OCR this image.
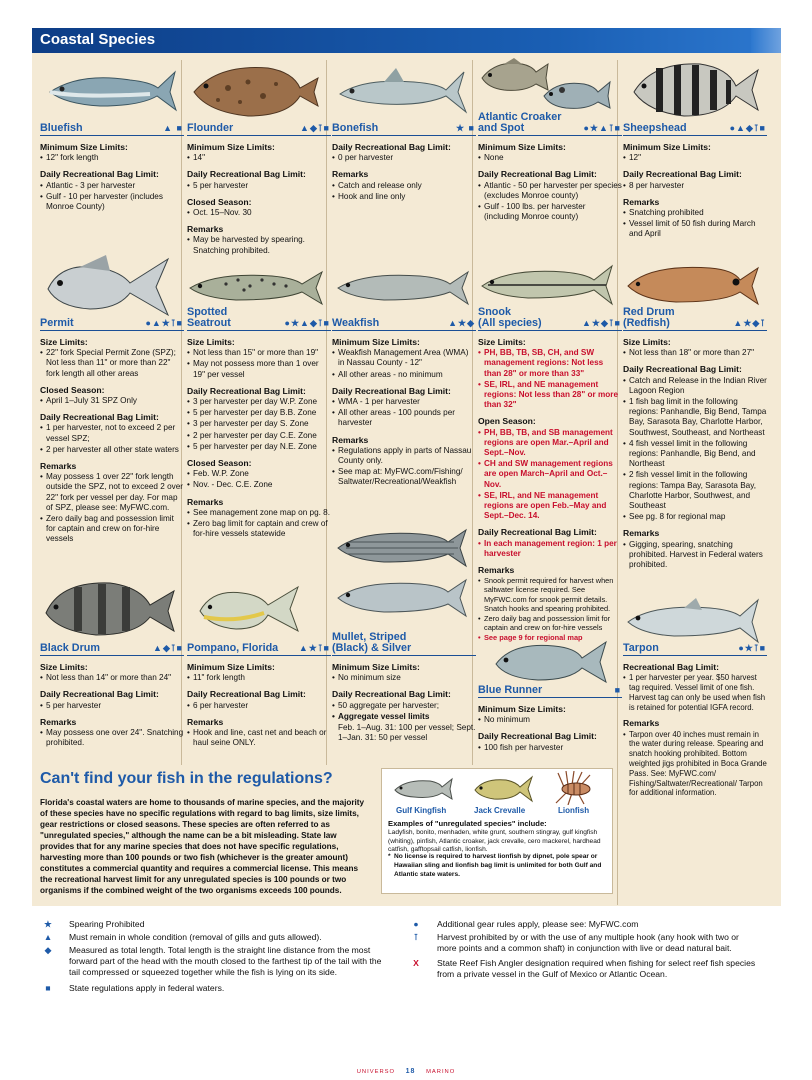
Coastal Species
Bluefish	▲ ■
Minimum Size Limits:
• 12" fork length
Daily Recreational Bag Limit:
• Atlantic - 3 per harvester
• Gulf - 10 per harvester (includes Monroe County)
Flounder	▲◆⊺■
Minimum Size Limits:
• 14"
Daily Recreational Bag Limit:
• 5 per harvester
Closed Season:
• Oct. 15–Nov. 30
Remarks
• May be harvested by spearing. Snatching prohibited.
Bonefish	★ ■
Daily Recreational Bag Limit:
• 0 per harvester
Remarks
• Catch and release only
• Hook and line only
Atlantic Croaker
and Spot	●★▲⊺■
Minimum Size Limits:
• None
Daily Recreational Bag Limit:
• Atlantic - 50 per harvester per species (excludes Monroe county)
• Gulf - 100 lbs. per harvester (including Monroe county)
Sheepshead	●▲◆⊺■
Minimum Size Limits:
• 12"
Daily Recreational Bag Limit:
• 8 per harvester
Remarks
• Snatching prohibited
• Vessel limit of 50 fish during March and April
Permit	●▲★⊺■
Size Limits:
• 22" fork Special Permit Zone (SPZ); Not less than 11" or more than 22" fork length all other areas
Closed Season:
• April 1–July 31 SPZ Only
Daily Recreational Bag Limit:
• 1 per harvester, not to exceed 2 per vessel SPZ;
• 2 per harvester all other state waters
Remarks
• May possess 1 over 22" fork length outside the SPZ, not to exceed 2 over 22" fork per vessel per day. For map of SPZ, please see: MyFWC.com.
• Zero daily bag and possession limit for captain and crew on for-hire vessels
Spotted
Seatrout	●★▲◆⊺■
Size Limits:
• Not less than 15" or more than 19"
• May not possess more than 1 over 19" per vessel
Daily Recreational Bag Limit:
• 3 per harvester per day W.P. Zone
• 5 per harvester per day B.B. Zone
• 3 per harvester per day S. Zone
• 2 per harvester per day C.E. Zone
• 5 per harvester per day N.E. Zone
Closed Season:
• Feb. W.P. Zone
• Nov. - Dec. C.E. Zone
Remarks
• See management zone map on pg. 8.
• Zero bag limit for captain and crew of for-hire vessels statewide
Weakfish	▲★◆
Minimum Size Limits:
• Weakfish Management Area (WMA) in Nassau County - 12"
• All other areas - no minimum
Daily Recreational Bag Limit:
• WMA - 1 per harvester
• All other areas - 100 pounds per harvester
Remarks
• Regulations apply in parts of Nassau County only.
• See map at: MyFWC.com/Fishing/ Saltwater/Recreational/Weakfish
Snook
(All species)	▲★◆⊺■
Size Limits:
• PH, BB, TB, SB, CH, and SW management regions: Not less than 28" or more than 33"
• SE, IRL, and NE management regions: Not less than 28" or more than 32"
Open Season:
• PH, BB, TB, and SB management regions are open Mar.–April and Sept.–Nov.
• CH and SW management regions are open March–April and Oct.–Nov.
• SE, IRL, and NE management regions are open Feb.–May and Sept.–Dec. 14.
Daily Recreational Bag Limit:
• In each management region: 1 per harvester
Remarks
• Snook permit required for harvest when saltwater license required. See MyFWC.com for snook permit details. Snatch hooks and spearing prohibited.
• Zero daily bag and possession limit for captain and crew on for-hire vessels
• See page 9 for regional map
Red Drum
(Redfish)	▲★◆⊺
Size Limits:
• Not less than 18" or more than 27"
Daily Recreational Bag Limit:
• Catch and Release in the Indian River Lagoon Region
• 1 fish bag limit in the following regions: Panhandle, Big Bend, Tampa Bay, Sarasota Bay, Charlotte Harbor, Southwest, Southeast, and Northeast
• 4 fish vessel limit in the following regions: Panhandle, Big Bend, and Northeast
• 2 fish vessel limit in the following regions: Tampa Bay, Sarasota Bay, Charlotte Harbor, Southwest, and Southeast
• See pg. 8 for regional map
Remarks
• Gigging, spearing, snatching prohibited. Harvest in Federal waters prohibited.
Black Drum	▲◆⊺■
Size Limits:
• Not less than 14" or more than 24"
Daily Recreational Bag Limit:
• 5 per harvester
Remarks
• May possess one over 24". Snatching prohibited.
Pompano, Florida ▲★⊺■
Minimum Size Limits:
• 11" fork length
Daily Recreational Bag Limit:
• 6 per harvester
Remarks
• Hook and line, cast net and beach or haul seine ONLY.
Mullet, Striped
(Black) & Silver
Minimum Size Limits:
• No minimum size
Daily Recreational Bag Limit:
• 50 aggregate per harvester;
• Aggregate vessel limits
Feb. 1–Aug. 31: 100 per vessel; Sept. 1–Jan. 31: 50 per vessel
Blue Runner	■
Minimum Size Limits:
• No minimum
Daily Recreational Bag Limit:
• 100 fish per harvester
Tarpon	●★⊺■
Recreational Bag Limit:
• 1 per harvester per year. $50 harvest tag required. Vessel limit of one fish. Harvest tag can only be used when fish is retained for potential IGFA record.
Remarks
• Tarpon over 40 inches must remain in the water during release. Spearing and snatch hooking prohibited. Bottom weighted jigs prohibited in Boca Grande Pass. See: MyFWC.com/ Fishing/Saltwater/Recreational/ Tarpon for additional information.
Can't find your fish in the regulations?
Florida's coastal waters are home to thousands of marine species, and the majority of these species have no specific regulations with regard to bag limits, size limits, gear restrictions or closed seasons. These species are often referred to as "unregulated species," although the name can be a bit misleading. State law provides that for any marine species that does not have specific regulations, harvesting more than 100 pounds or two fish (whichever is the greater amount) constitutes a commercial quantity and requires a commercial license. This means the recreational harvest limit for any unregulated species is 100 pounds or two organisms if the combined weight of the two organisms exceeds 100 pounds.
Gulf Kingfish	Jack Crevalle	Lionfish
Examples of "unregulated species" include:
Ladyfish, bonito, menhaden, white grunt, southern stingray, gulf kingfish (whiting), pinfish, Atlantic croaker, jack crevalle, cero mackerel, hardhead catfish, gafftopsail catfish, lionfish.
* No license is required to harvest lionfish by dipnet, pole spear or Hawaiian sling and lionfish bag limit is unlimited for both Gulf and Atlantic state waters.
★ Spearing Prohibited
▲ Must remain in whole condition (removal of gills and guts allowed).
◆	Measured as total length. Total length is the straight line distance from the most forward part of the head with the mouth closed to the farthest tip of the tail with the tail compressed or squeezed together while the fish is lying on its side.
■	State regulations apply in federal waters.
●	Additional gear rules apply, please see: MyFWC.com
⊺	Harvest prohibited by or with the use of any multiple hook (any hook with two or more points and a common shaft) in conjunction with live or dead natural bait.
X	State Reef Fish Angler designation required when fishing for select reef fish species from a private vessel in the Gulf of Mexico or Atlantic Ocean.
UNIVERSO 18 MARINO
